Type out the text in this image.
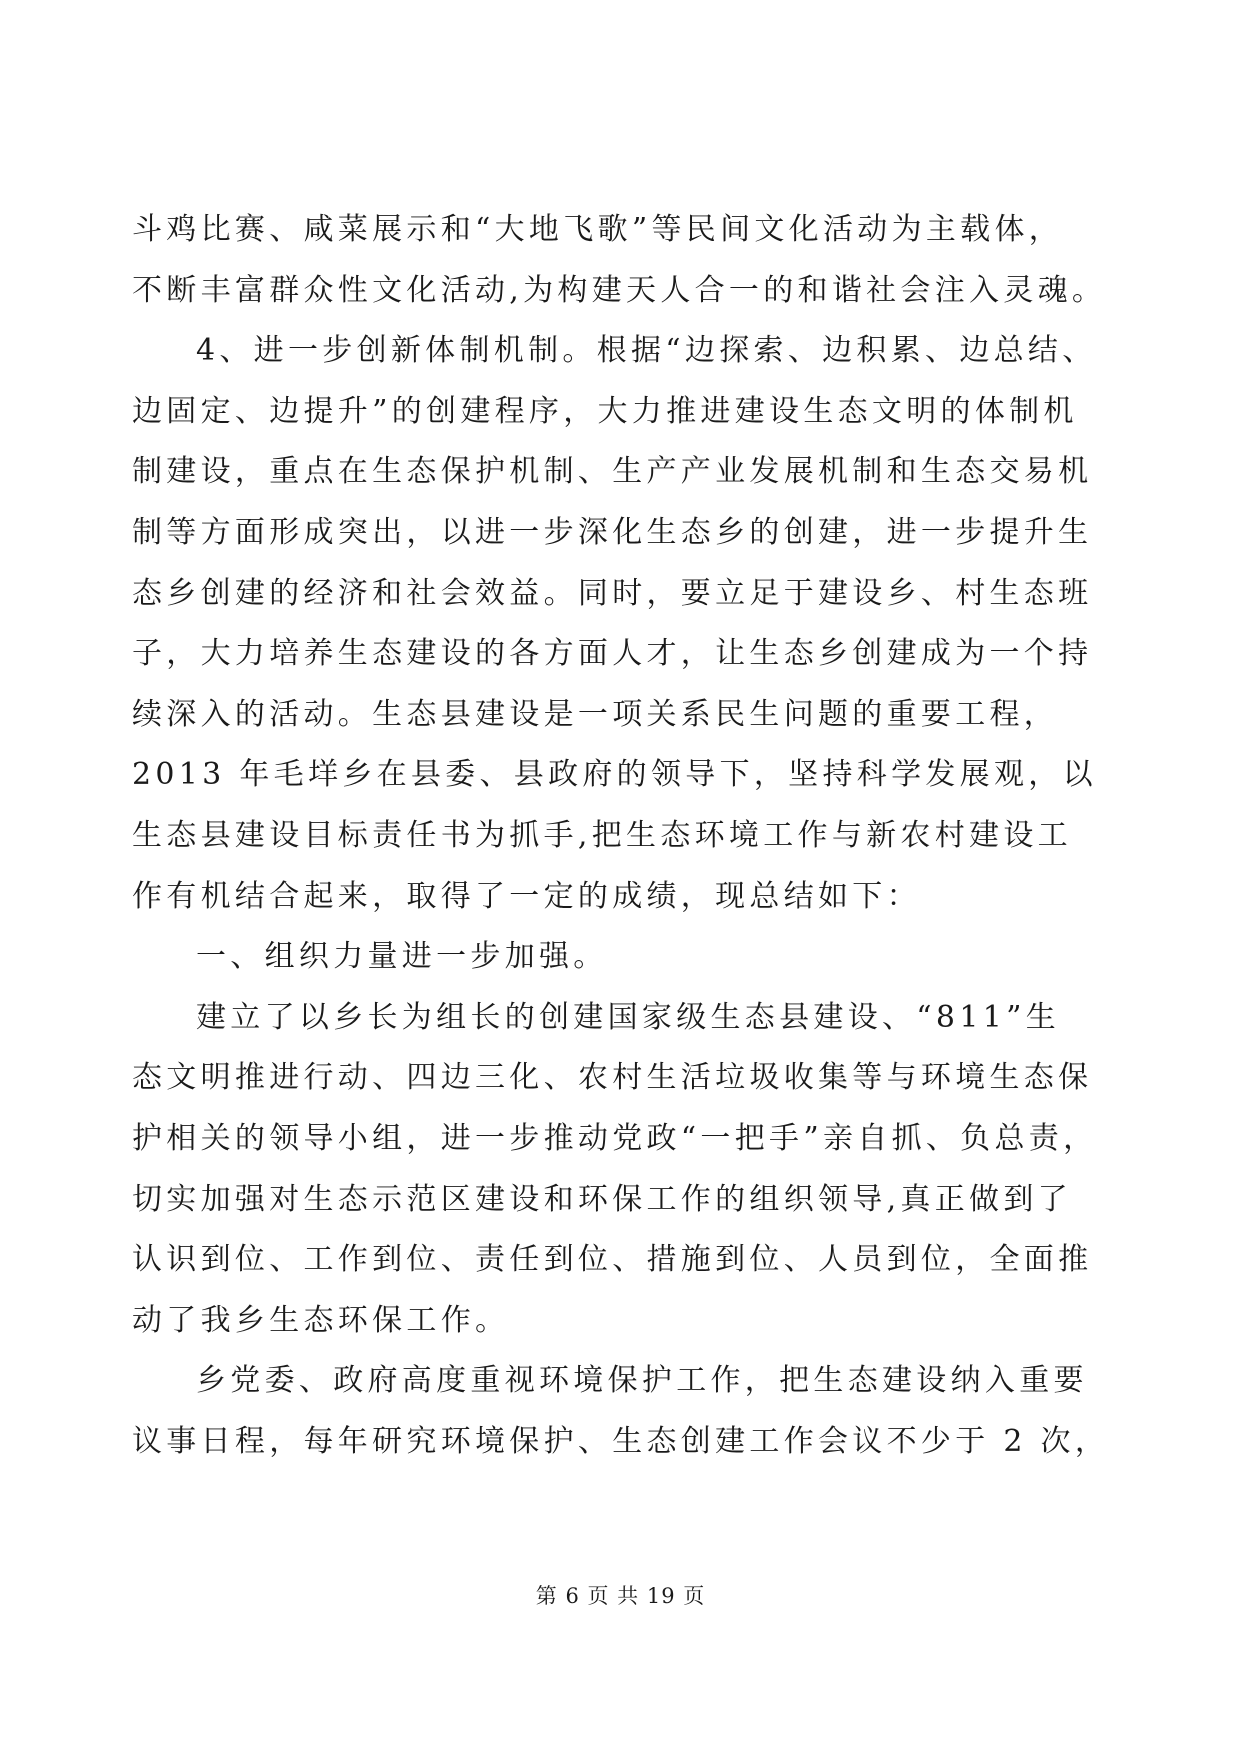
斗鸡比赛、咸菜展示和“大地飞歌”等民间文化活动为主载体，
不断丰富群众性文化活动,为构建天人合一的和谐社会注入灵魂。
4、进一步创新体制机制。根据“边探索、边积累、边总结、
边固定、边提升”的创建程序，大力推进建设生态文明的体制机
制建设，重点在生态保护机制、生产产业发展机制和生态交易机
制等方面形成突出，以进一步深化生态乡的创建，进一步提升生
态乡创建的经济和社会效益。同时，要立足于建设乡、村生态班
子，大力培养生态建设的各方面人才，让生态乡创建成为一个持
续深入的活动。生态县建设是一项关系民生问题的重要工程，
2013 年毛垟乡在县委、县政府的领导下，坚持科学发展观，以
生态县建设目标责任书为抓手,把生态环境工作与新农村建设工
作有机结合起来，取得了一定的成绩，现总结如下：
一、组织力量进一步加强。
建立了以乡长为组长的创建国家级生态县建设、“811”生
态文明推进行动、四边三化、农村生活垃圾收集等与环境生态保
护相关的领导小组，进一步推动党政“一把手”亲自抓、负总责，
切实加强对生态示范区建设和环保工作的组织领导,真正做到了
认识到位、工作到位、责任到位、措施到位、人员到位，全面推
动了我乡生态环保工作。
乡党委、政府高度重视环境保护工作，把生态建设纳入重要
议事日程，每年研究环境保护、生态创建工作会议不少于 2 次，
第 6 页 共 19 页
